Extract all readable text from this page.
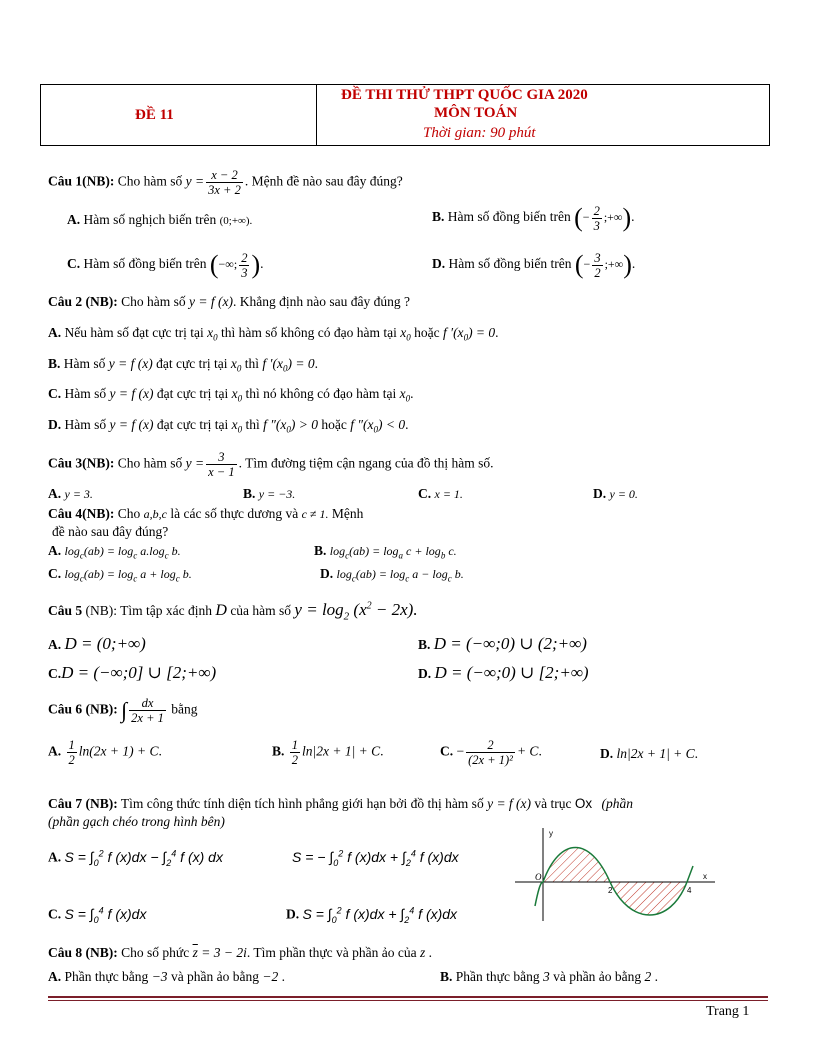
ĐỀ 11
ĐỀ THI THỬ THPT QUỐC GIA 2020
MÔN TOÁN
Thời gian: 90 phút
Câu 1(NB): Cho hàm số $y = \frac{x - 2}{3x + 2}$ . Mệnh đề nào sau đây đúng?
A. Hàm số nghịch biến trên (0;+∞).	B. Hàm số đồng biến trên (− $\frac{2}{3}$ ;+∞).
C. Hàm số đồng biến trên (−∞; $\frac{2}{3}$ ).	D. Hàm số đồng biến trên (− $\frac{3}{2}$ ;+∞).
Câu 2 (NB): Cho hàm số y = f (x). Khẳng định nào sau đây đúng ?
A. Nếu hàm số đạt cực trị tại $x_0$ thì hàm số không có đạo hàm tại $x_0$ hoặc f $'(x_0) = 0$.
B. Hàm số y = f (x) đạt cực trị tại $x_0$ thì f $'(x_0) = 0$.
C. Hàm số y = f (x) đạt cực trị tại $x_0$ thì nó không có đạo hàm tại $x_0$.
D. Hàm số y = f (x) đạt cực trị tại $x_0$ thì f $''(x_0) > 0$ hoặc f $''(x_0) < 0$.
Câu 3(NB): Cho hàm số $y = \frac{3}{x - 1}$ . Tìm đường tiệm cận ngang của đồ thị hàm số.
A. y = 3.	B. y = −3.	C. x = 1.	D. y = 0.
Câu 4(NB): Cho a,b,c là các số thực dương và c ≠ 1. Mệnh
đề nào sau đây đúng?
A. $\log_c(ab) = \log_c a.\log_c$ b.	B. $\log_c(ab) = \log_a c + \log_b c$.
C. $\log_c(ab) = \log_c a + \log_c b$.	D. $\log_c(ab) = \log_c a - \log_c b$.
Câu 5 (NB): Tìm tập xác định D của hàm số $y = \log_2 (x^2 - 2x)$.
A. D = (0;+∞)	B. D = (−∞;0) ∪ (2;+∞)
C.D = (−∞;0] ∪ [2;+∞)	D. D = (−∞;0) ∪ [2;+∞)
Câu 6 (NB): ∫ $\frac{dx}{2x + 1}$ bằng
A. $\frac{1}{2} \ln(2x + 1) + C$.	B. $\frac{1}{2} \ln|2x + 1| + C$.	C. − $\frac{2}{\text{(2x + 1)²}} + C$.	D. ln|2x + 1| + C.
Câu 7 (NB): Tìm công thức tính diện tích hình phẳng giới hạn bởi đồ thị hàm số y = f (x) và trục Ox (phần
(phần gạch chéo trong hình bên)
A. $S = \int_0^2$ f $(x)dx - \int_2^4$ f (x) dx	S = − $\int_0^2$ f $(x)dx + \int_2^4$ f (x)dx
C. $S = \int_0^4$ f (x)dx	D. $S = \int_0^2$ f $(x)dx + \int_2^4$ f (x)dx
y
x
O
2	4
Câu 8 (NB): Cho số phức $\overline{z} = 3 - 2i$. Tìm phần thực và phần ảo của z .
A. Phần thực bằng −3 và phần ảo bằng −2 .	B. Phần thực bằng 3 và phần ảo bằng 2 .
Trang 1
